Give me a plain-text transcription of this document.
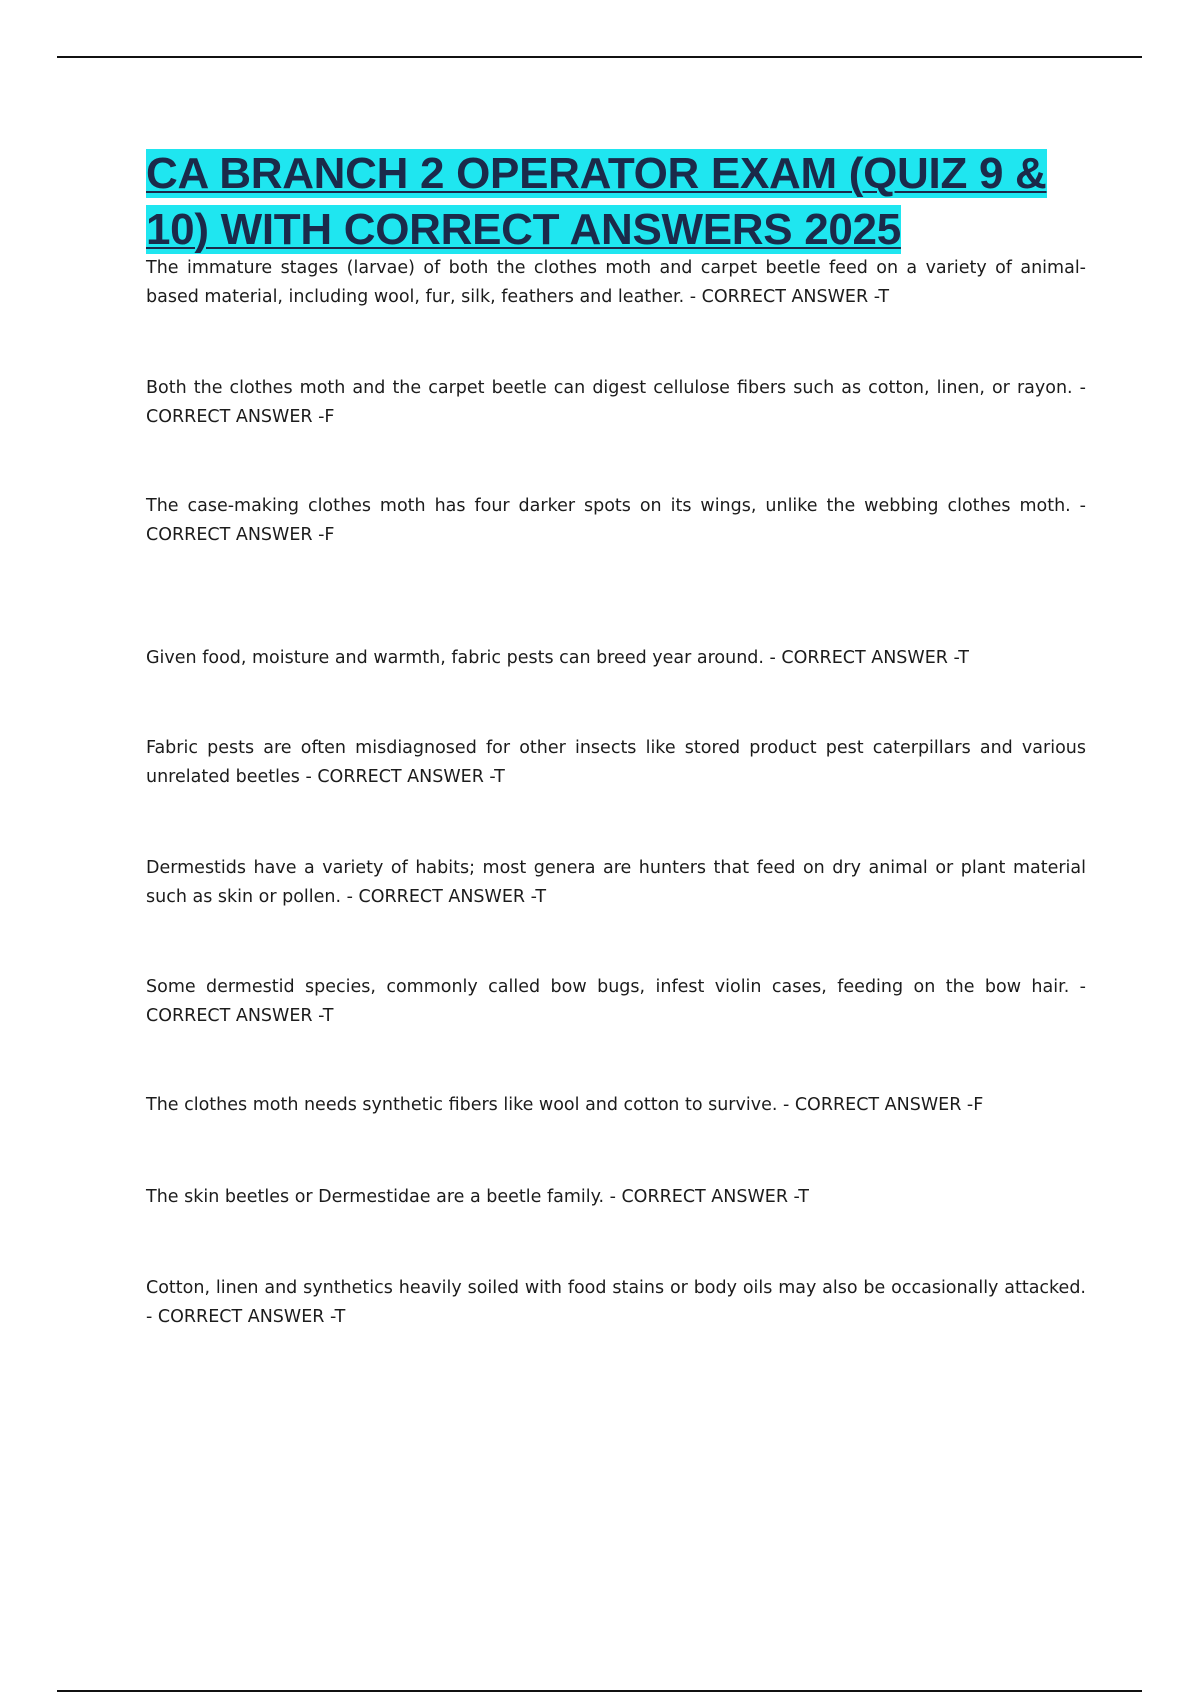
CA BRANCH 2 OPERATOR EXAM (QUIZ 9 & 10) WITH CORRECT ANSWERS 2025

The immature stages (larvae) of both the clothes moth and carpet beetle feed on a variety of animal-based material, including wool, fur, silk, feathers and leather. - CORRECT ANSWER -T

Both the clothes moth and the carpet beetle can digest cellulose fibers such as cotton, linen, or rayon. - CORRECT ANSWER -F

The case-making clothes moth has four darker spots on its wings, unlike the webbing clothes moth. - CORRECT ANSWER -F

Given food, moisture and warmth, fabric pests can breed year around. - CORRECT ANSWER -T

Fabric pests are often misdiagnosed for other insects like stored product pest caterpillars and various unrelated beetles - CORRECT ANSWER -T

Dermestids have a variety of habits; most genera are hunters that feed on dry animal or plant material such as skin or pollen. - CORRECT ANSWER -T

Some dermestid species, commonly called bow bugs, infest violin cases, feeding on the bow hair. - CORRECT ANSWER -T

The clothes moth needs synthetic fibers like wool and cotton to survive. - CORRECT ANSWER -F

The skin beetles or Dermestidae are a beetle family. - CORRECT ANSWER -T

Cotton, linen and synthetics heavily soiled with food stains or body oils may also be occasionally attacked. - CORRECT ANSWER -T
